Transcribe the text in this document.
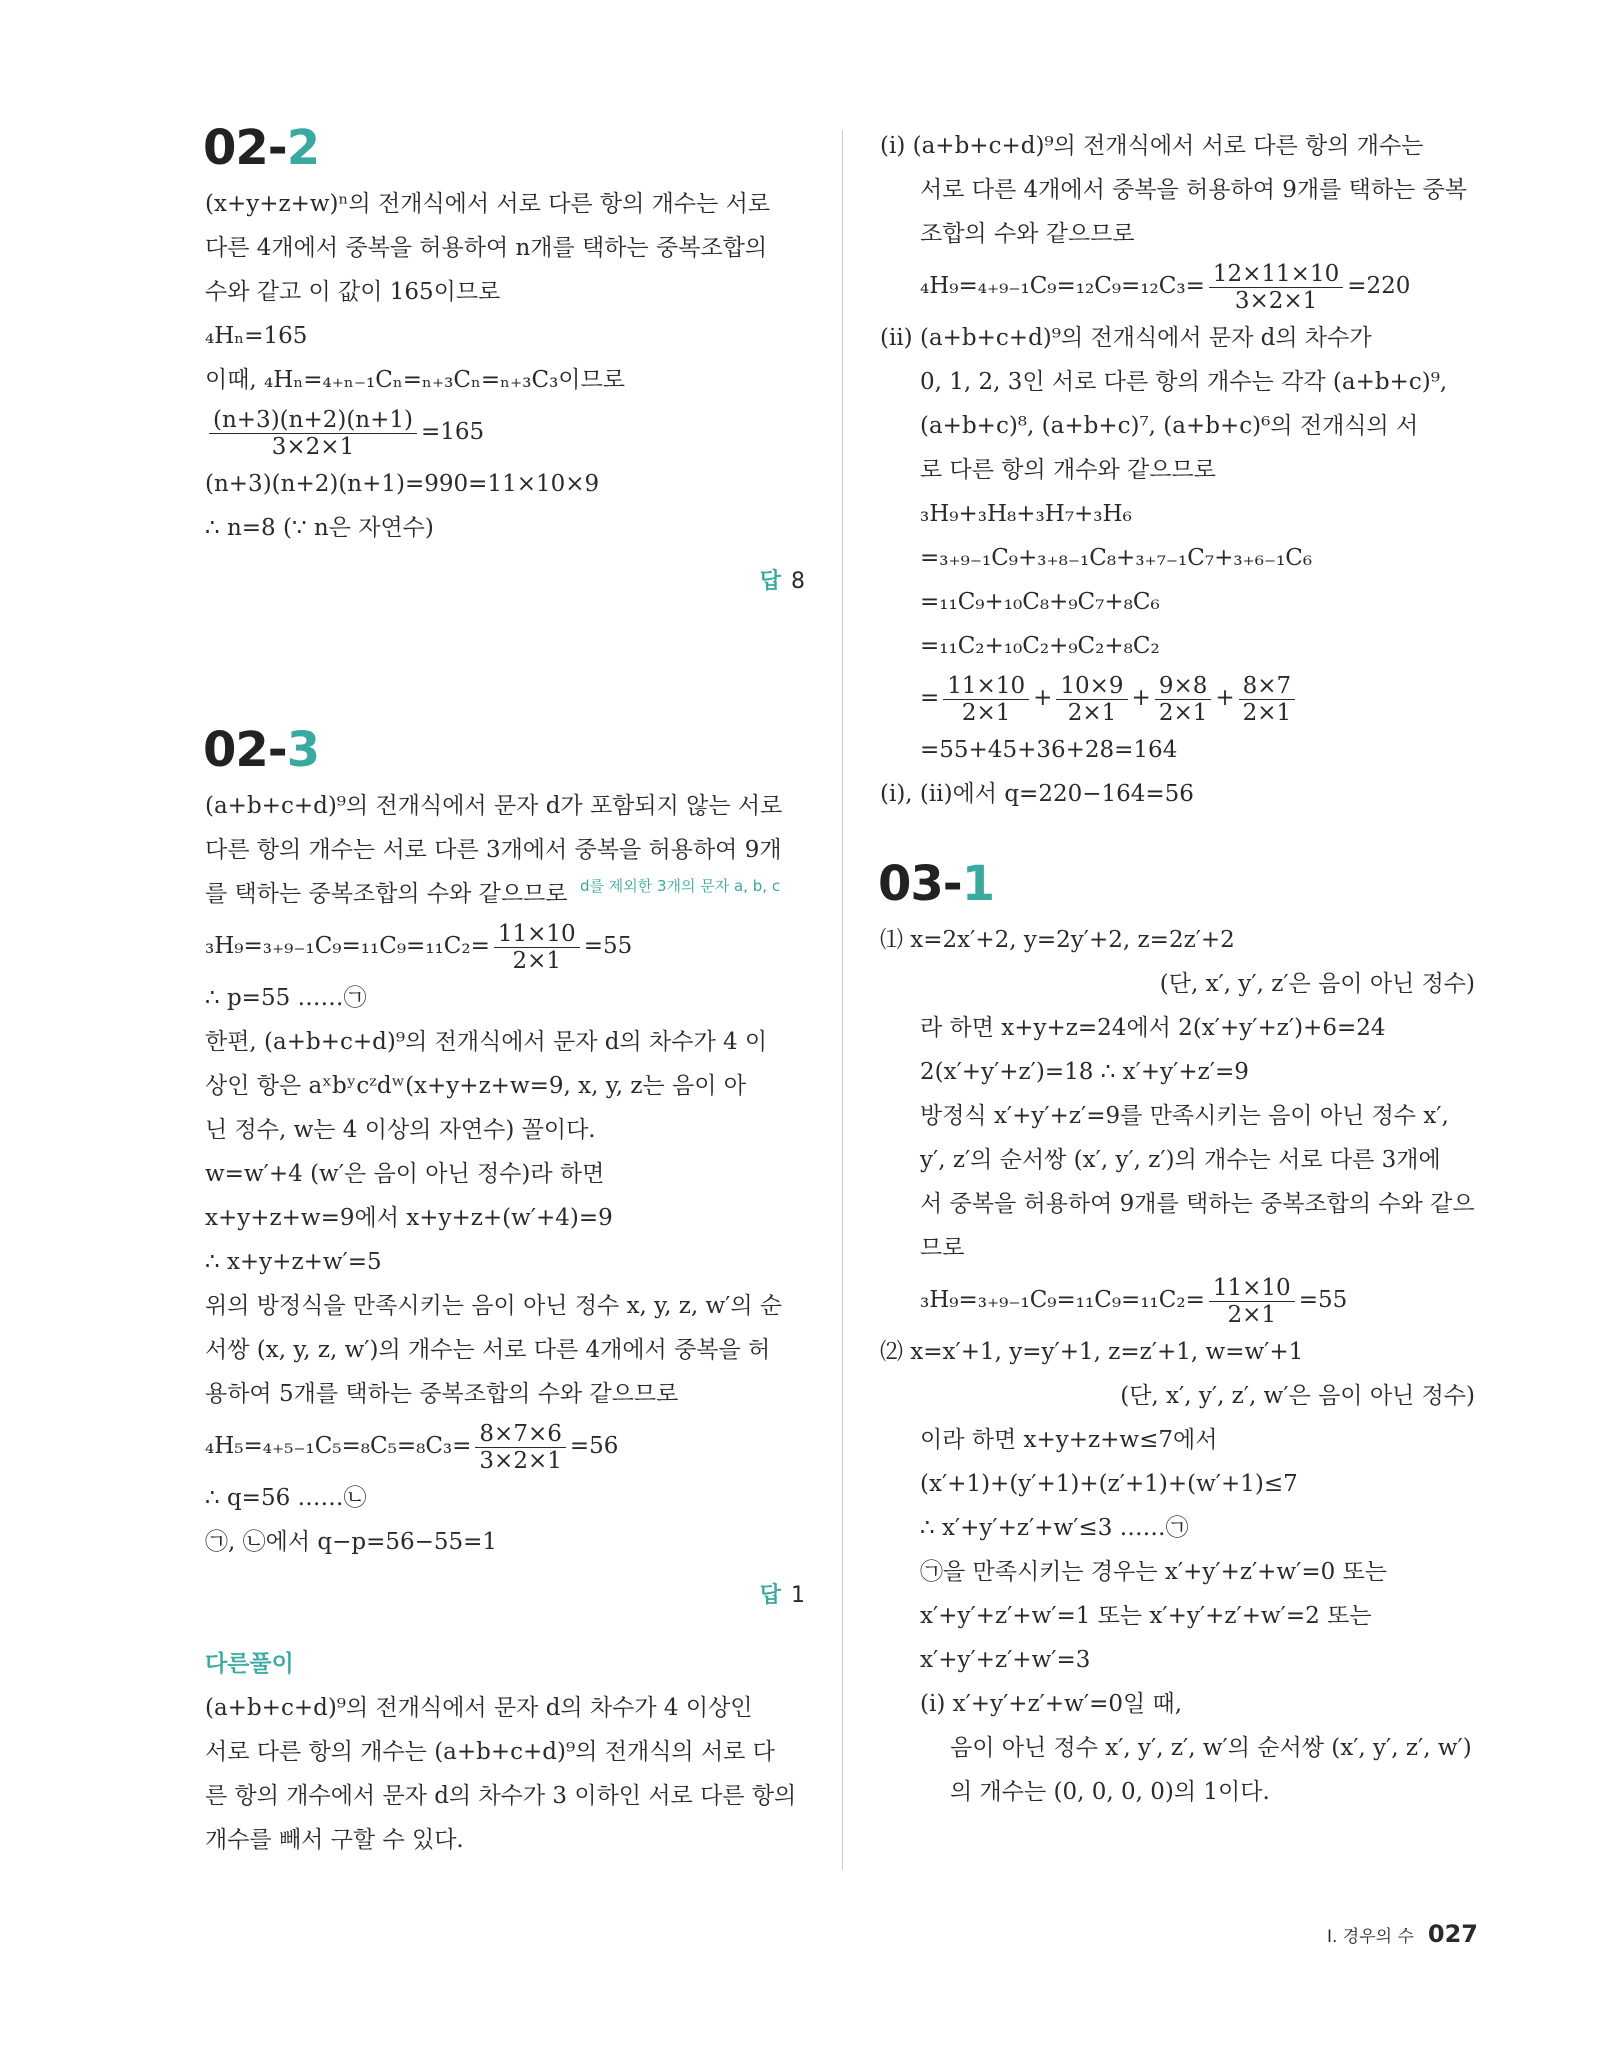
02-2
(x+y+z+w)ⁿ의 전개식에서 서로 다른 항의 개수는 서로
다른 4개에서 중복을 허용하여 n개를 택하는 중복조합의
수와 같고 이 값이 165이므로
₄Hₙ=165
이때, ₄Hₙ=₄₊ₙ₋₁Cₙ=ₙ₊₃Cₙ=ₙ₊₃C₃이므로
$\frac{(n+3)(n+2)(n+1)}{3\times 2\times 1} =165$
(n+3)(n+2)(n+1)=990=11×10×9
∴ n=8 (∵ n은 자연수)
답 8
02-3
(a+b+c+d)⁹의 전개식에서 문자 d가 포함되지 않는 서로
다른 항의 개수는 서로 다른 3개에서 중복을 허용하여 9개
를 택하는 중복조합의 수와 같으므로 d를 제외한 3개의 문자 a, b, c
$_3H_9=_{3+9-1}C_9=_{11}C_9=_{11}C_2= \frac{11\times 10}{2\times 1} =55$
∴ p=55 ……㉠
한편, (a+b+c+d)⁹의 전개식에서 문자 d의 차수가 4 이
상인 항은 aˣbʸcᶻdʷ(x+y+z+w=9, x, y, z는 음이 아
닌 정수, w는 4 이상의 자연수) 꼴이다.
w=w′+4 (w′은 음이 아닌 정수)라 하면
x+y+z+w=9에서 x+y+z+(w′+4)=9
∴ x+y+z+w′=5
위의 방정식을 만족시키는 음이 아닌 정수 x, y, z, w′의 순
서쌍 (x, y, z, w′)의 개수는 서로 다른 4개에서 중복을 허
용하여 5개를 택하는 중복조합의 수와 같으므로
$_4H_5=_{4+5-1}C_5=_8C_5=_8C_3= \frac{8\times 7\times 6}{3\times 2\times 1} =56$
∴ q=56 ……㉡
㉠, ㉡에서 q−p=56−55=1
답 1
다른풀이
(a+b+c+d)⁹의 전개식에서 문자 d의 차수가 4 이상인
서로 다른 항의 개수는 (a+b+c+d)⁹의 전개식의 서로 다
른 항의 개수에서 문자 d의 차수가 3 이하인 서로 다른 항의
개수를 빼서 구할 수 있다.
(ⅰ) (a+b+c+d)⁹의 전개식에서 서로 다른 항의 개수는
서로 다른 4개에서 중복을 허용하여 9개를 택하는 중복
조합의 수와 같으므로
$_4H_9=_{4+9-1}C_9=_{12}C_9=_{12}C_3= \frac{12\times 11\times 10}{3\times 2\times 1} =220$
(ⅱ) (a+b+c+d)⁹의 전개식에서 문자 d의 차수가
0, 1, 2, 3인 서로 다른 항의 개수는 각각 (a+b+c)⁹,
(a+b+c)⁸, (a+b+c)⁷, (a+b+c)⁶의 전개식의 서
로 다른 항의 개수와 같으므로
₃H₉+₃H₈+₃H₇+₃H₆
=₃₊₉₋₁C₉+₃₊₈₋₁C₈+₃₊₇₋₁C₇+₃₊₆₋₁C₆
=₁₁C₉+₁₀C₈+₉C₇+₈C₆
=₁₁C₂+₁₀C₂+₉C₂+₈C₂
= $\frac{11\times 10}{2\times 1} + \frac{10\times 9}{2\times 1} + \frac{9\times 8}{2\times 1} + \frac{8\times 7}{2\times 1}$
=55+45+36+28=164
(ⅰ), (ⅱ)에서 q=220−164=56
03-1
⑴ x=2x′+2, y=2y′+2, z=2z′+2
(단, x′, y′, z′은 음이 아닌 정수)
라 하면 x+y+z=24에서 2(x′+y′+z′)+6=24
2(x′+y′+z′)=18 ∴ x′+y′+z′=9
방정식 x′+y′+z′=9를 만족시키는 음이 아닌 정수 x′,
y′, z′의 순서쌍 (x′, y′, z′)의 개수는 서로 다른 3개에
서 중복을 허용하여 9개를 택하는 중복조합의 수와 같으
므로
$_3H_9=_{3+9-1}C_9=_{11}C_9=_{11}C_2= \frac{11\times 10}{2\times 1} =55$
⑵ x=x′+1, y=y′+1, z=z′+1, w=w′+1
(단, x′, y′, z′, w′은 음이 아닌 정수)
이라 하면 x+y+z+w≤7에서
(x′+1)+(y′+1)+(z′+1)+(w′+1)≤7
∴ x′+y′+z′+w′≤3 ……㉠
㉠을 만족시키는 경우는 x′+y′+z′+w′=0 또는
x′+y′+z′+w′=1 또는 x′+y′+z′+w′=2 또는
x′+y′+z′+w′=3
(ⅰ) x′+y′+z′+w′=0일 때,
음이 아닌 정수 x′, y′, z′, w′의 순서쌍 (x′, y′, z′, w′)
의 개수는 (0, 0, 0, 0)의 1이다.
Ⅰ. 경우의 수 027
